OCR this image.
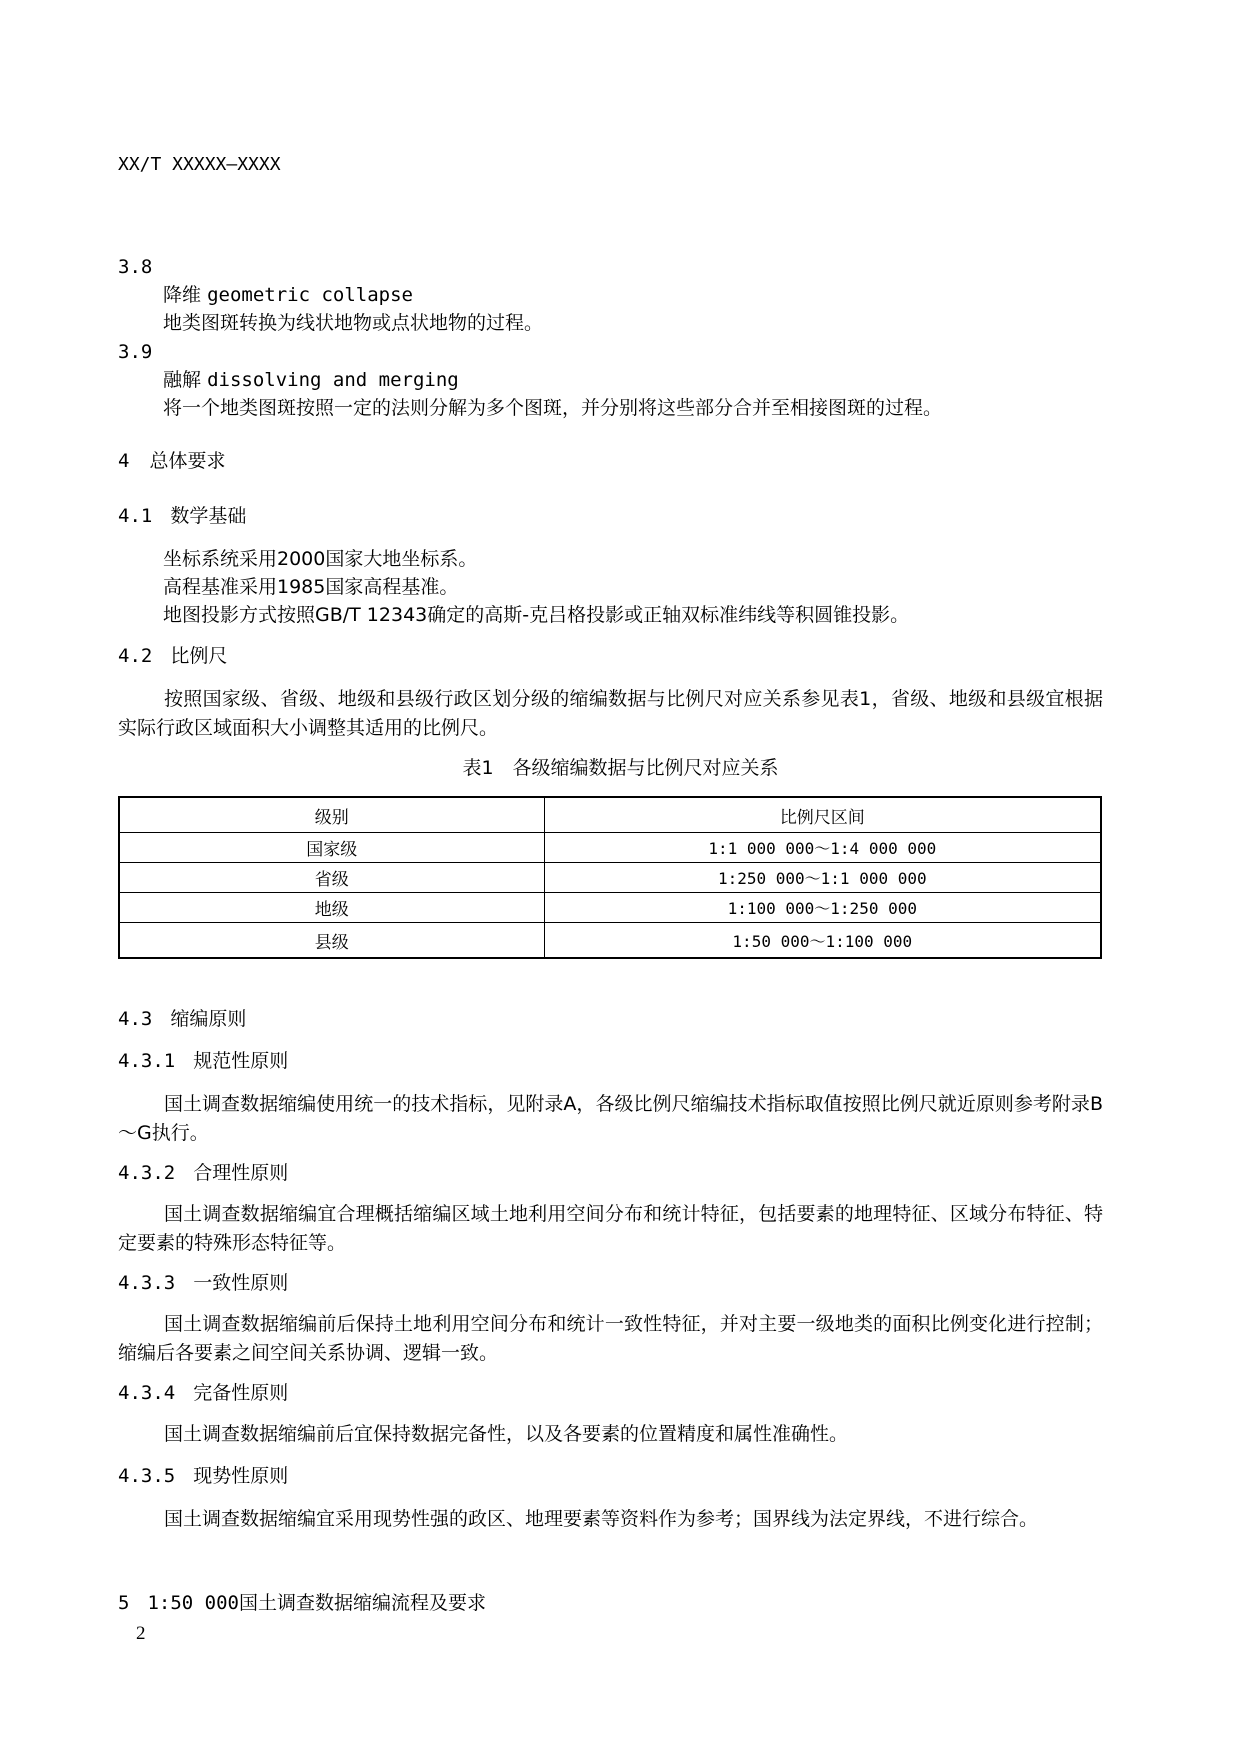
XX/T XXXXX—XXXX
3.8
降维 geometric collapse
地类图斑转换为线状地物或点状地物的过程。
3.9
融解 dissolving and merging
将一个地类图斑按照一定的法则分解为多个图斑，并分别将这些部分合并至相接图斑的过程。
4 总体要求
4.1 数学基础
坐标系统采用2000国家大地坐标系。
高程基准采用1985国家高程基准。
地图投影方式按照GB/T 12343确定的高斯-克吕格投影或正轴双标准纬线等积圆锥投影。
4.2 比例尺
按照国家级、省级、地级和县级行政区划分级的缩编数据与比例尺对应关系参见表1，省级、地级和县级宜根据实际行政区域面积大小调整其适用的比例尺。
表1　各级缩编数据与比例尺对应关系
级别	比例尺区间
国家级	1:1 000 000～1:4 000 000
省级	1:250 000～1:1 000 000
地级	1:100 000～1:250 000
县级	1:50 000～1:100 000
4.3 缩编原则
4.3.1 规范性原则
国土调查数据缩编使用统一的技术指标，见附录A，各级比例尺缩编技术指标取值按照比例尺就近原则参考附录B～G执行。
4.3.2 合理性原则
国土调查数据缩编宜合理概括缩编区域土地利用空间分布和统计特征，包括要素的地理特征、区域分布特征、特定要素的特殊形态特征等。
4.3.3 一致性原则
国土调查数据缩编前后保持土地利用空间分布和统计一致性特征，并对主要一级地类的面积比例变化进行控制；缩编后各要素之间空间关系协调、逻辑一致。
4.3.4 完备性原则
国土调查数据缩编前后宜保持数据完备性，以及各要素的位置精度和属性准确性。
4.3.5 现势性原则
国土调查数据缩编宜采用现势性强的政区、地理要素等资料作为参考；国界线为法定界线，不进行综合。
5 1:50 000国土调查数据缩编流程及要求
2
